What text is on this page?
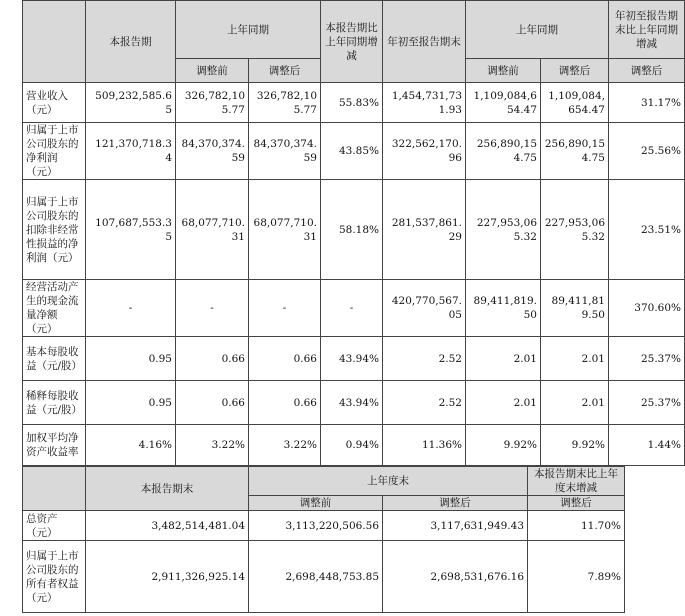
	本报告期	上年同期		本报告期比上年同期增减	年初至报告期末	上年同期		年初至报告期末比上年同期增减
		调整前	调整后			调整前	调整后	调整后
营业收入（元）	509,232,585.65	326,782,105.77	326,782,105.77	55.83%	1,454,731,731.93	1,109,084,654.47	1,109,084,654.47	31.17%
归属于上市公司股东的净利润（元）	121,370,718.34	84,370,374.59	84,370,374.59	43.85%	322,562,170.96	256,890,154.75	256,890,154.75	25.56%
归属于上市公司股东的扣除非经常性损益的净利润（元）	107,687,553.35	68,077,710.31	68,077,710.31	58.18%	281,537,861.29	227,953,065.32	227,953,065.32	23.51%
经营活动产生的现金流量净额（元）	-	-	-	-	420,770,567.05	89,411,819.50	89,411,819.50	370.60%
基本每股收益（元/股）	0.95	0.66	0.66	43.94%	2.52	2.01	2.01	25.37%
稀释每股收益（元/股）	0.95	0.66	0.66	43.94%	2.52	2.01	2.01	25.37%
加权平均净资产收益率	4.16%	3.22%	3.22%	0.94%	11.36%	9.92%	9.92%	1.44%
	本报告期末	上年度末		本报告期末比上年度末增减
		调整前	调整后	调整后
总资产（元）	3,482,514,481.04	3,113,220,506.56	3,117,631,949.43	11.70%
归属于上市公司股东的所有者权益（元）	2,911,326,925.14	2,698,448,753.85	2,698,531,676.16	7.89%
